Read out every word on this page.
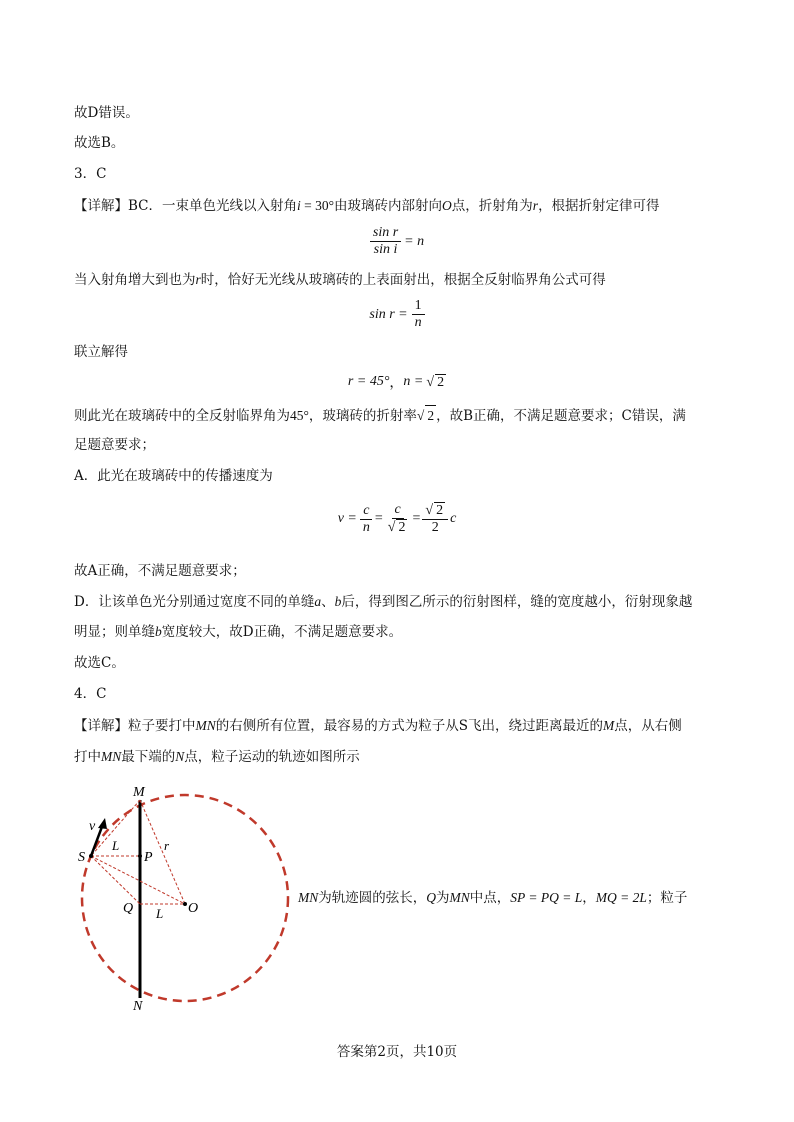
故D错误。
故选B。
3．C
【详解】BC．一束单色光线以入射角i = 30°由玻璃砖内部射向O点，折射角为r，根据折射定律可得
$\frac{\text{sin r}}{\text{sin i}} = n$
当入射角增大到也为r时，恰好无光线从玻璃砖的上表面射出，根据全反射临界角公式可得
$\sin r = \frac{1}{n}$
联立解得
r = 45° ， n = √ 2
则此光在玻璃砖中的全反射临界角为45°，玻璃砖的折射率√ 2 ，故B正确，不满足题意要求；C错误，满
足题意要求；
A．此光在玻璃砖中的传播速度为
$v = \frac{c}{n} = \frac{c}{√ 2} = \frac{√ 2}{2}$ c
故A正确，不满足题意要求；
D．让该单色光分别通过宽度不同的单缝a、b后，得到图乙所示的衍射图样，缝的宽度越小，衍射现象越
明显；则单缝b宽度较大，故D正确，不满足题意要求。
故选C。
4．C
【详解】粒子要打中MN的右侧所有位置，最容易的方式为粒子从S飞出，绕过距离最近的M点，从右侧
打中MN最下端的N点，粒子运动的轨迹如图所示
M
N
S	P
Q	O
v
L
L
r
MN为轨迹圆的弦长，Q为MN中点，SP = PQ = L，MQ = 2L；粒子
答案第2页，共10页
